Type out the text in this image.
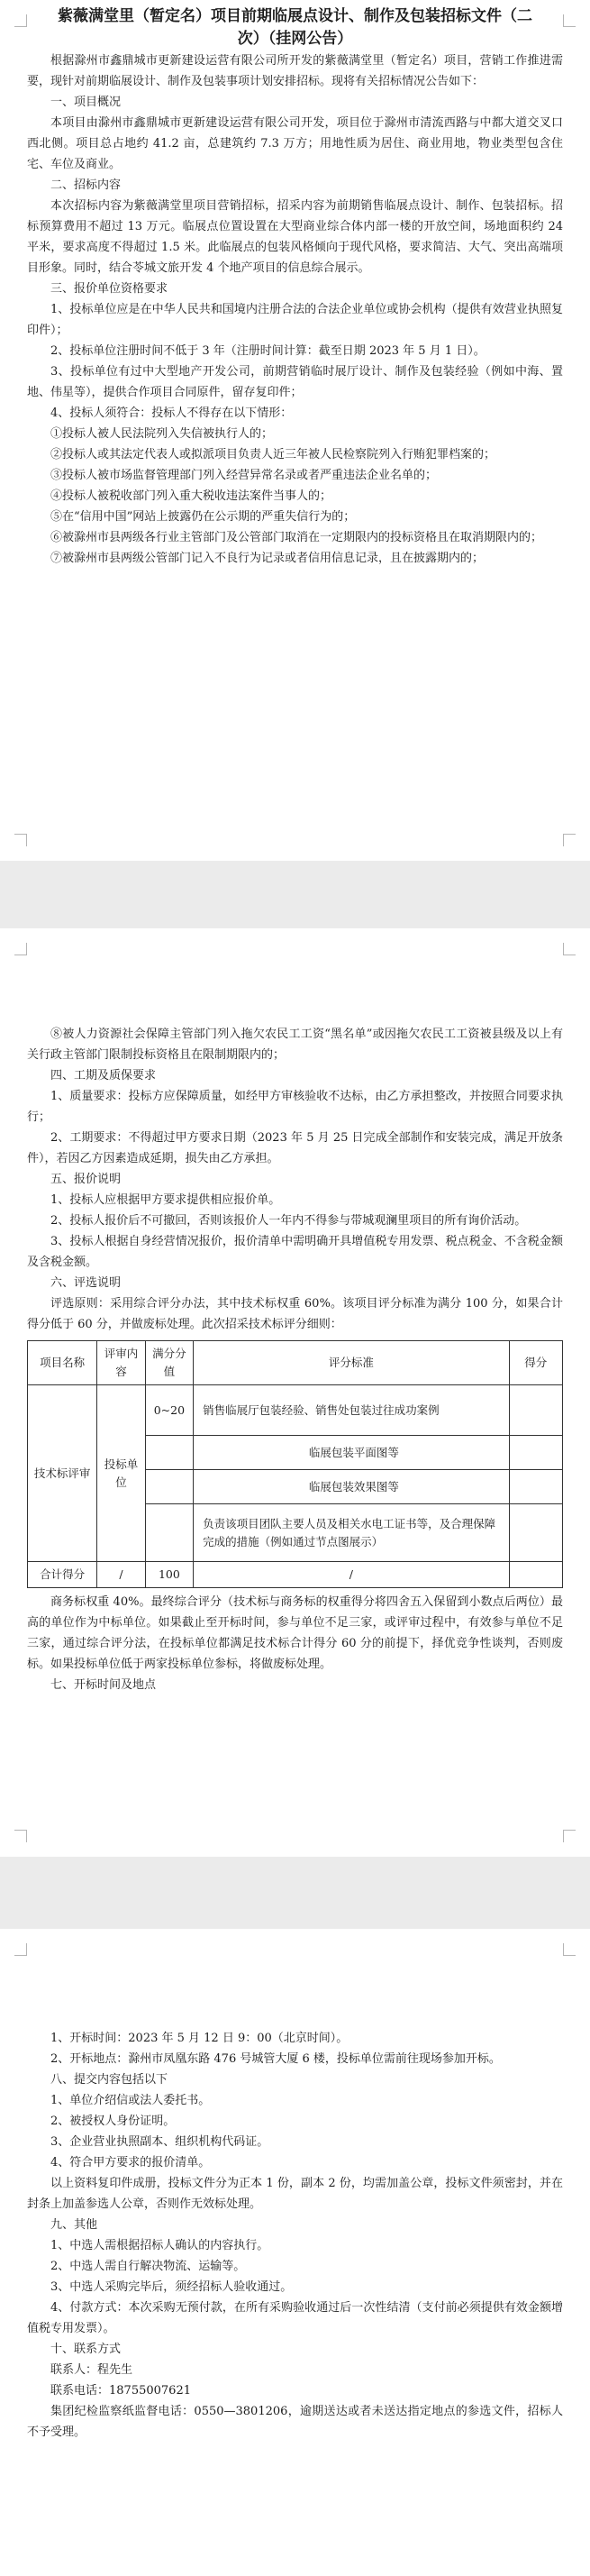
紫薇满堂里（暂定名）项目前期临展点设计、制作及包装招标文件（二
次）（挂网公告）

根据滁州市鑫鼎城市更新建设运营有限公司所开发的紫薇满堂里（暂定名）项目，营销工作推进需要，现针对前期临展设计、制作及包装事项计划安排招标。现将有关招标情况公告如下：

一、项目概况

本项目由滁州市鑫鼎城市更新建设运营有限公司开发，项目位于滁州市清流西路与中都大道交叉口西北侧。项目总占地约 41.2 亩，总建筑约 7.3 万方；用地性质为居住、商业用地，物业类型包含住宅、车位及商业。

二、招标内容

本次招标内容为紫薇满堂里项目营销招标，招采内容为前期销售临展点设计、制作、包装招标。招标预算费用不超过 13 万元。临展点位置设置在大型商业综合体内部一楼的开放空间，场地面积约 24 平米，要求高度不得超过 1.5 米。此临展点的包装风格倾向于现代风格，要求简洁、大气、突出高端项目形象。同时，结合苓城文旅开发 4 个地产项目的信息综合展示。

三、报价单位资格要求

1、投标单位应是在中华人民共和国境内注册合法的合法企业单位或协会机构（提供有效营业执照复印件）；

2、投标单位注册时间不低于 3 年（注册时间计算：截至日期 2023 年 5 月 1 日）。

3、投标单位有过中大型地产开发公司，前期营销临时展厅设计、制作及包装经验（例如中海、置地、伟星等），提供合作项目合同原件，留存复印件；

4、投标人须符合：投标人不得存在以下情形：

①投标人被人民法院列入失信被执行人的；

②投标人或其法定代表人或拟派项目负责人近三年被人民检察院列入行贿犯罪档案的；

③投标人被市场监督管理部门列入经营异常名录或者严重违法企业名单的；

④投标人被税收部门列入重大税收违法案件当事人的；

⑤在“信用中国”网站上披露仍在公示期的严重失信行为的；

⑥被滁州市县两级各行业主管部门及公管部门取消在一定期限内的投标资格且在取消期限内的；

⑦被滁州市县两级公管部门记入不良行为记录或者信用信息记录，且在披露期内的；

⑧被人力资源社会保障主管部门列入拖欠农民工工资“黑名单”或因拖欠农民工工资被县级及以上有关行政主管部门限制投标资格且在限制期限内的；

四、工期及质保要求

1、质量要求：投标方应保障质量，如经甲方审核验收不达标，由乙方承担整改，并按照合同要求执行；

2、工期要求：不得超过甲方要求日期（2023 年 5 月 25 日完成全部制作和安装完成，满足开放条件），若因乙方因素造成延期，损失由乙方承担。

五、报价说明

1、投标人应根据甲方要求提供相应报价单。

2、投标人报价后不可撤回，否则该报价人一年内不得参与带城观澜里项目的所有询价活动。

3、投标人根据自身经营情况报价，报价清单中需明确开具增值税专用发票、税点税金、不含税金额及含税金额。

六、评选说明

评选原则：采用综合评分办法，其中技术标权重 60%。该项目评分标准为满分 100 分，如果合计得分低于 60 分，并做废标处理。此次招采技术标评分细则：

项目名称	评审内容	满分分值	评分标准	得分
技术标评审	投标单位	0~20	销售临展厅包装经验、销售处包装过往成功案例	
			临展包装平面图等	
			临展包装效果图等	
			负责该项目团队主要人员及相关水电工证书等，及合理保障完成的措施（例如通过节点图展示）	
合计得分	/	100	/	

商务标权重 40%。最终综合评分（技术标与商务标的权重得分将四舍五入保留到小数点后两位）最高的单位作为中标单位。如果截止至开标时间，参与单位不足三家，或评审过程中，有效参与单位不足三家，通过综合评分法，在投标单位都满足技术标合计得分 60 分的前提下，择优竞争性谈判，否则废标。如果投标单位低于两家投标单位参标，将做废标处理。

七、开标时间及地点

1、开标时间：2023 年 5 月 12 日 9：00（北京时间）。

2、开标地点：滁州市凤凰东路 476 号城管大厦 6 楼，投标单位需前往现场参加开标。

八、提交内容包括以下

1、单位介绍信或法人委托书。

2、被授权人身份证明。

3、企业营业执照副本、组织机构代码证。

4、符合甲方要求的报价清单。

以上资料复印件成册，投标文件分为正本 1 份，副本 2 份，均需加盖公章，投标文件须密封，并在封条上加盖参选人公章，否则作无效标处理。

九、其他

1、中选人需根据招标人确认的内容执行。

2、中选人需自行解决物流、运输等。

3、中选人采购完毕后，须经招标人验收通过。

4、付款方式：本次采购无预付款，在所有采购验收通过后一次性结清（支付前必须提供有效金额增值税专用发票）。

十、联系方式

联系人：程先生

联系电话：18755007621

集团纪检监察纸监督电话：0550—3801206，逾期送达或者未送达指定地点的参选文件，招标人不予受理。
